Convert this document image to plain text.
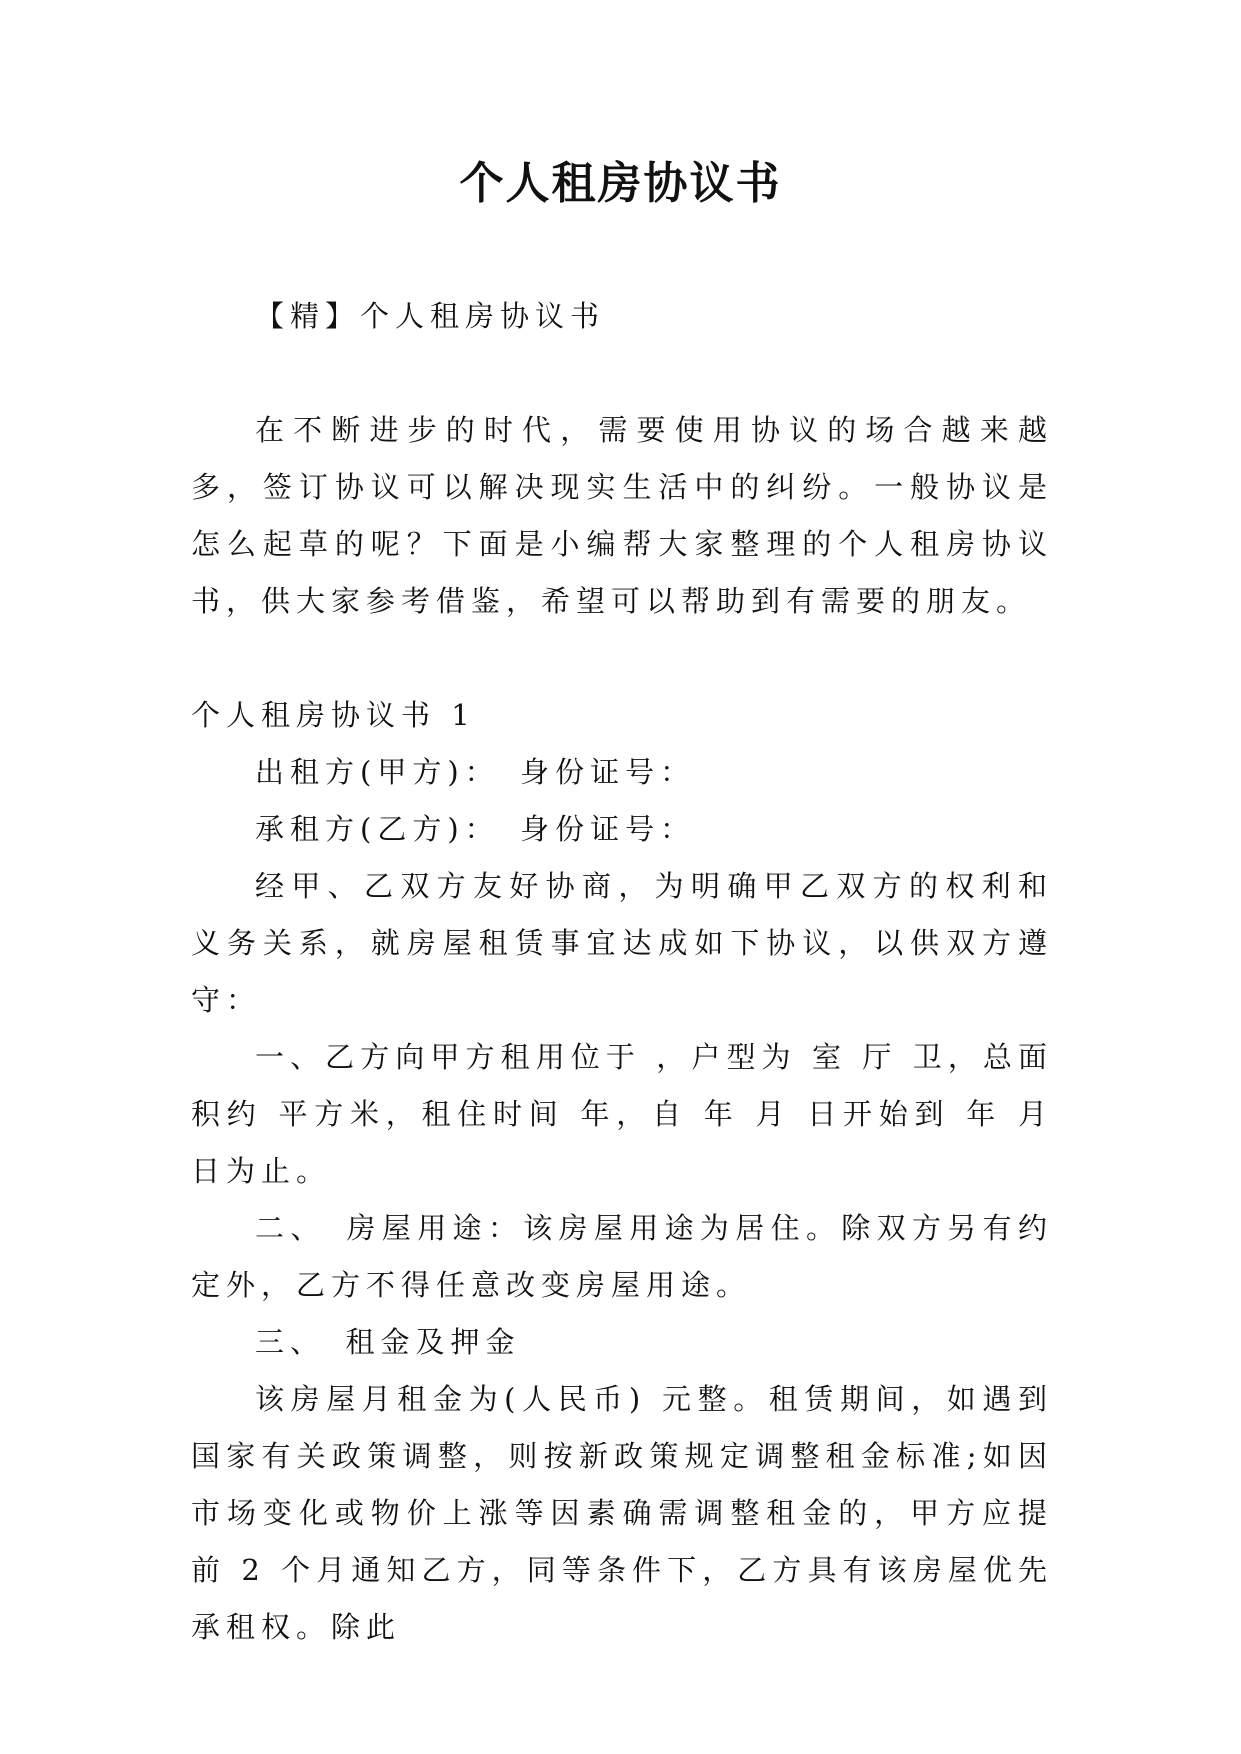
个人租房协议书

【精】个人租房协议书

在不断进步的时代，需要使用协议的场合越来越多，签订协议可以解决现实生活中的纠纷。一般协议是怎么起草的呢？下面是小编帮大家整理的个人租房协议书，供大家参考借鉴，希望可以帮助到有需要的朋友。

个人租房协议书 1

出租方(甲方)：　身份证号：

承租方(乙方)：　身份证号：

经甲、乙双方友好协商，为明确甲乙双方的权利和义务关系，就房屋租赁事宜达成如下协议，以供双方遵守：

一、乙方向甲方租用位于 ，户型为 室 厅 卫，总面积约 平方米，租住时间 年，自 年 月 日开始到 年 月 日为止。

二、　房屋用途：该房屋用途为居住。除双方另有约定外，乙方不得任意改变房屋用途。

三、　租金及押金

该房屋月租金为(人民币) 元整。租赁期间，如遇到国家有关政策调整，则按新政策规定调整租金标准;如因市场变化或物价上涨等因素确需调整租金的，甲方应提前 2 个月通知乙方，同等条件下，乙方具有该房屋优先承租权。除此
